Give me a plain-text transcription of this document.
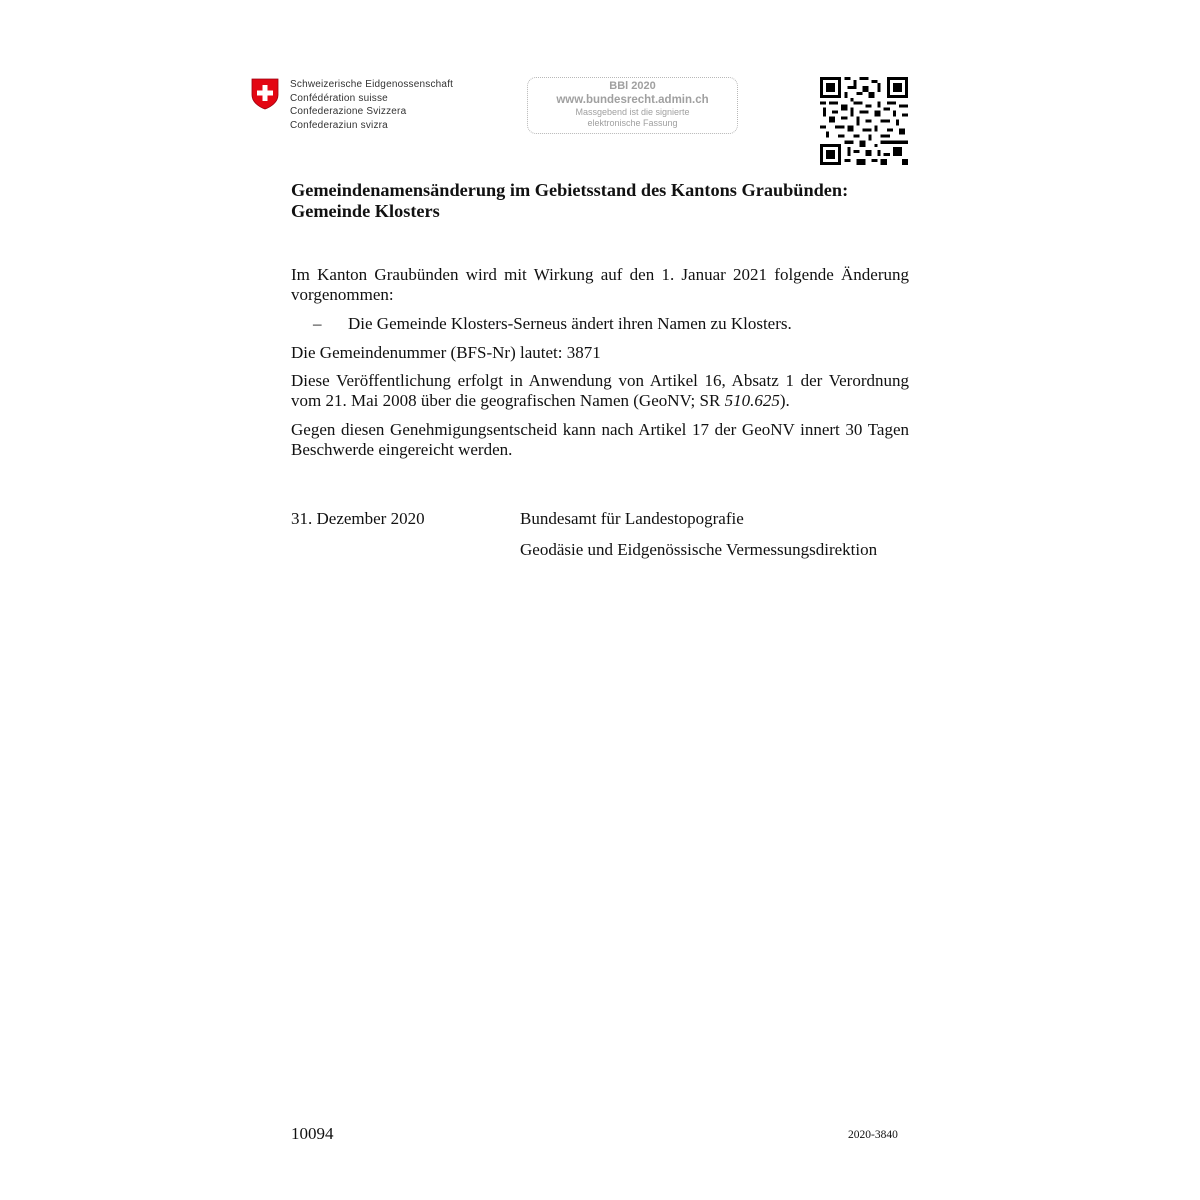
Schweizerische Eidgenossenschaft
Confédération suisse
Confederazione Svizzera
Confederaziun svizra
BBl 2020
www.bundesrecht.admin.ch
Massgebend ist die signierte
elektronische Fassung
Gemeindenamensänderung im Gebietsstand des Kantons Graubünden:
Gemeinde Klosters
Im Kanton Graubünden wird mit Wirkung auf den 1. Januar 2021 folgende Änderung vorgenommen:
– Die Gemeinde Klosters-Serneus ändert ihren Namen zu Klosters.
Die Gemeindenummer (BFS-Nr) lautet: 3871
Diese Veröffentlichung erfolgt in Anwendung von Artikel 16, Absatz 1 der Verordnung vom 21. Mai 2008 über die geografischen Namen (GeoNV; SR 510.625).
Gegen diesen Genehmigungsentscheid kann nach Artikel 17 der GeoNV innert 30 Tagen Beschwerde eingereicht werden.
31. Dezember 2020	Bundesamt für Landestopografie
Geodäsie und Eidgenössische Vermessungsdirektion
10094	2020-3840
